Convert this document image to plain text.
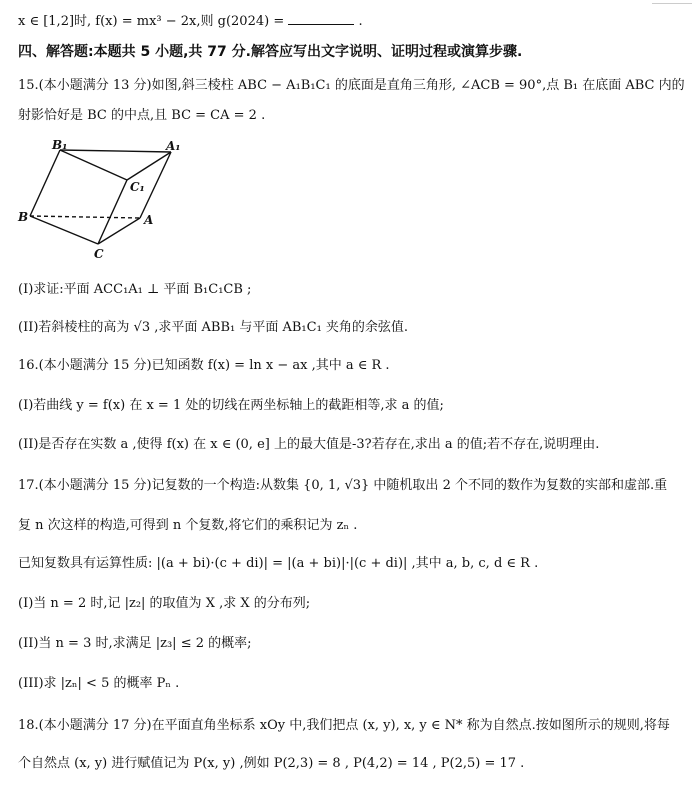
x ∈ [1,2]时, f(x) = mx³ − 2x,则 g(2024) =	.
四、解答题:本题共 5 小题,共 77 分.解答应写出文字说明、证明过程或演算步骤.
15.(本小题满分 13 分)如图,斜三棱柱 ABC − A₁B₁C₁ 的底面是直角三角形, ∠ACB = 90°,点 B₁ 在底面 ABC 内的
射影恰好是 BC 的中点,且 BC = CA = 2 .
B₁	A₁
C₁
B	A
C
(I)求证:平面 ACC₁A₁ ⊥ 平面 B₁C₁CB ;
(II)若斜棱柱的高为 √3 ,求平面 ABB₁ 与平面 AB₁C₁ 夹角的余弦值.
16.(本小题满分 15 分)已知函数 f(x) = ln x − ax ,其中 a ∈ R .
(I)若曲线 y = f(x) 在 x = 1 处的切线在两坐标轴上的截距相等,求 a 的值;
(II)是否存在实数 a ,使得 f(x) 在 x ∈ (0, e] 上的最大值是-3?若存在,求出 a 的值;若不存在,说明理由.
17.(本小题满分 15 分)记复数的一个构造:从数集 {0, 1, √3} 中随机取出 2 个不同的数作为复数的实部和虚部.重
复 n 次这样的构造,可得到 n 个复数,将它们的乘积记为 zₙ .
已知复数具有运算性质: |(a + bi)·(c + di)| = |(a + bi)|·|(c + di)| ,其中 a, b, c, d ∈ R .
(I)当 n = 2 时,记 |z₂| 的取值为 X ,求 X 的分布列;
(II)当 n = 3 时,求满足 |z₃| ≤ 2 的概率;
(III)求 |zₙ| < 5 的概率 Pₙ .
18.(本小题满分 17 分)在平面直角坐标系 xOy 中,我们把点 (x, y), x, y ∈ N* 称为自然点.按如图所示的规则,将每
个自然点 (x, y) 进行赋值记为 P(x, y) ,例如 P(2,3) = 8 , P(4,2) = 14 , P(2,5) = 17 .
